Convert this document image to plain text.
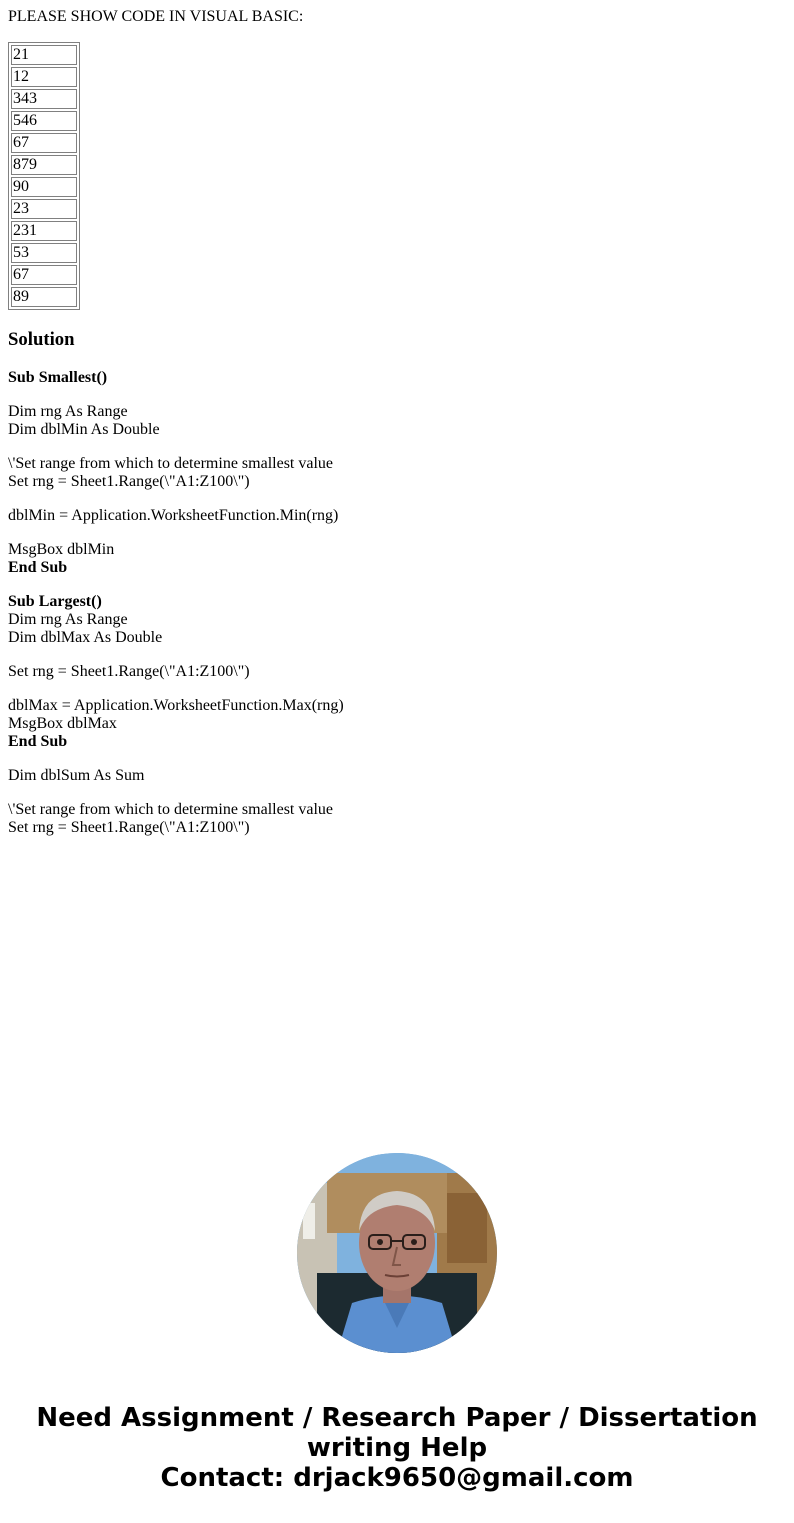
PLEASE SHOW CODE IN VISUAL BASIC:

21
12
343
546
67
879
90
23
231
53
67
89
Solution
Sub Smallest()
Dim rng As Range
Dim dblMin As Double
\'Set range from which to determine smallest value
Set rng = Sheet1.Range(\"A1:Z100\")
dblMin = Application.WorksheetFunction.Min(rng)
MsgBox dblMin
End Sub
Sub Largest()
Dim rng As Range
Dim dblMax As Double
Set rng = Sheet1.Range(\"A1:Z100\")
dblMax = Application.WorksheetFunction.Max(rng)
MsgBox dblMax
End Sub
Dim dblSum As Sum
\'Set range from which to determine smallest value
Set rng = Sheet1.Range(\"A1:Z100\")
Need Assignment / Research Paper / Dissertation
writing Help
Contact: drjack9650@gmail.com
